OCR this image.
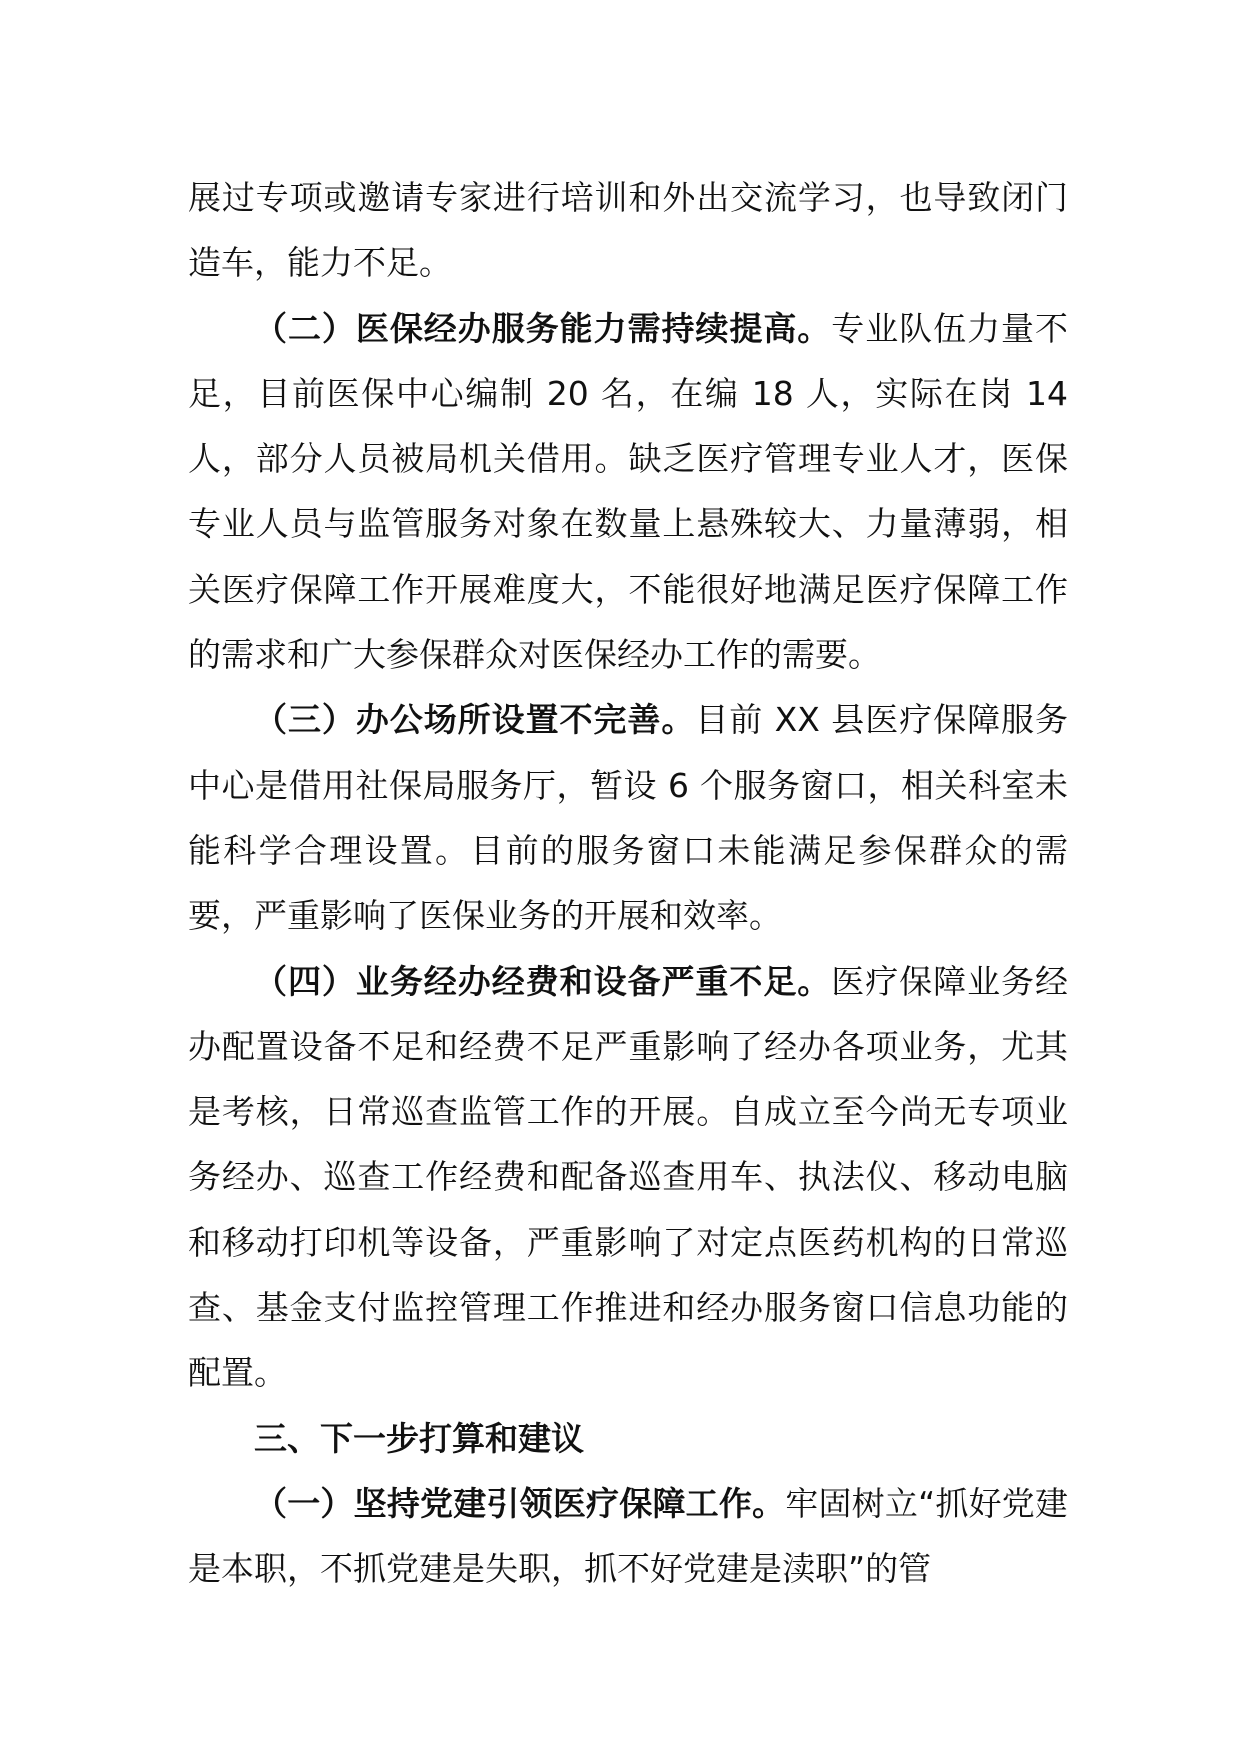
展过专项或邀请专家进行培训和外出交流学习，也导致闭门造车，能力不足。

（二）医保经办服务能力需持续提高。专业队伍力量不足，目前医保中心编制 20 名，在编 18 人，实际在岗 14 人，部分人员被局机关借用。缺乏医疗管理专业人才，医保专业人员与监管服务对象在数量上悬殊较大、力量薄弱，相关医疗保障工作开展难度大，不能很好地满足医疗保障工作的需求和广大参保群众对医保经办工作的需要。

（三）办公场所设置不完善。目前 XX 县医疗保障服务中心是借用社保局服务厅，暂设 6 个服务窗口，相关科室未能科学合理设置。目前的服务窗口未能满足参保群众的需要，严重影响了医保业务的开展和效率。

（四）业务经办经费和设备严重不足。医疗保障业务经办配置设备不足和经费不足严重影响了经办各项业务，尤其是考核，日常巡查监管工作的开展。自成立至今尚无专项业务经办、巡查工作经费和配备巡查用车、执法仪、移动电脑和移动打印机等设备，严重影响了对定点医药机构的日常巡查、基金支付监控管理工作推进和经办服务窗口信息功能的配置。

三、下一步打算和建议

（一）坚持党建引领医疗保障工作。牢固树立“抓好党建是本职，不抓党建是失职，抓不好党建是渎职”的管
